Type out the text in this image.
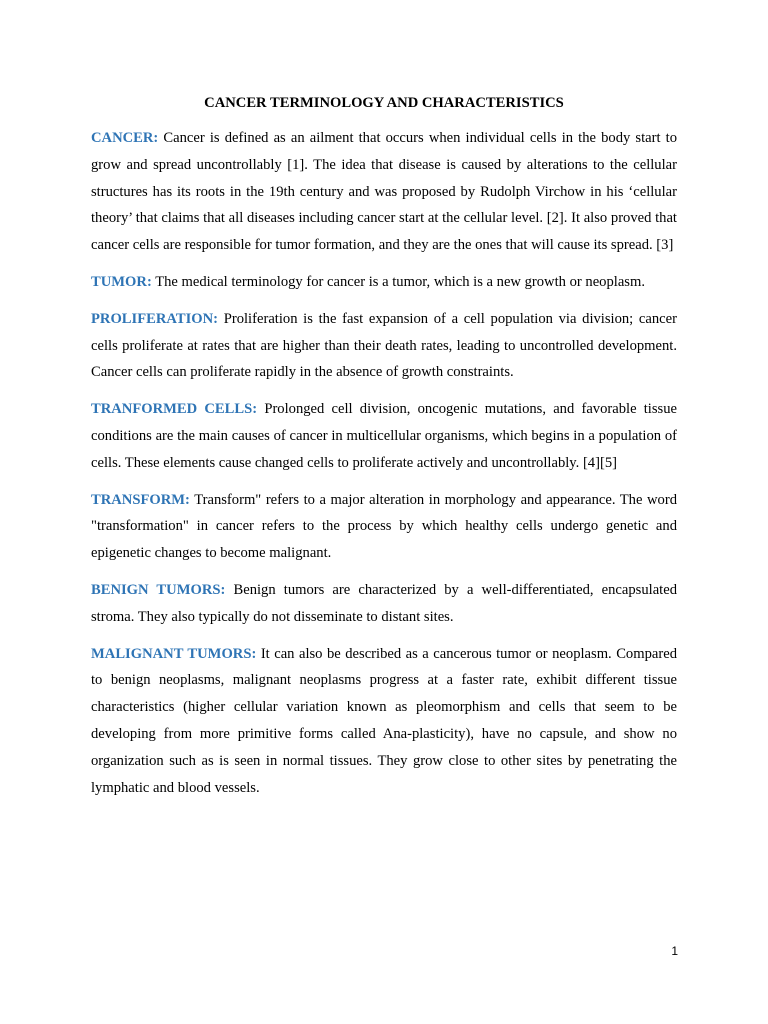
CANCER TERMINOLOGY AND CHARACTERISTICS

CANCER: Cancer is defined as an ailment that occurs when individual cells in the body start to grow and spread uncontrollably [1]. The idea that disease is caused by alterations to the cellular structures has its roots in the 19th century and was proposed by Rudolph Virchow in his ‘cellular theory’ that claims that all diseases including cancer start at the cellular level. [2]. It also proved that cancer cells are responsible for tumor formation, and they are the ones that will cause its spread. [3]

TUMOR: The medical terminology for cancer is a tumor, which is a new growth or neoplasm.

PROLIFERATION: Proliferation is the fast expansion of a cell population via division; cancer cells proliferate at rates that are higher than their death rates, leading to uncontrolled development. Cancer cells can proliferate rapidly in the absence of growth constraints.

TRANFORMED CELLS: Prolonged cell division, oncogenic mutations, and favorable tissue conditions are the main causes of cancer in multicellular organisms, which begins in a population of cells. These elements cause changed cells to proliferate actively and uncontrollably. [4][5]

TRANSFORM: Transform" refers to a major alteration in morphology and appearance. The word "transformation" in cancer refers to the process by which healthy cells undergo genetic and epigenetic changes to become malignant.

BENIGN TUMORS: Benign tumors are characterized by a well-differentiated, encapsulated stroma. They also typically do not disseminate to distant sites.

MALIGNANT TUMORS: It can also be described as a cancerous tumor or neoplasm. Compared to benign neoplasms, malignant neoplasms progress at a faster rate, exhibit different tissue characteristics (higher cellular variation known as pleomorphism and cells that seem to be developing from more primitive forms called Ana-plasticity), have no capsule, and show no organization such as is seen in normal tissues. They grow close to other sites by penetrating the lymphatic and blood vessels.

1
